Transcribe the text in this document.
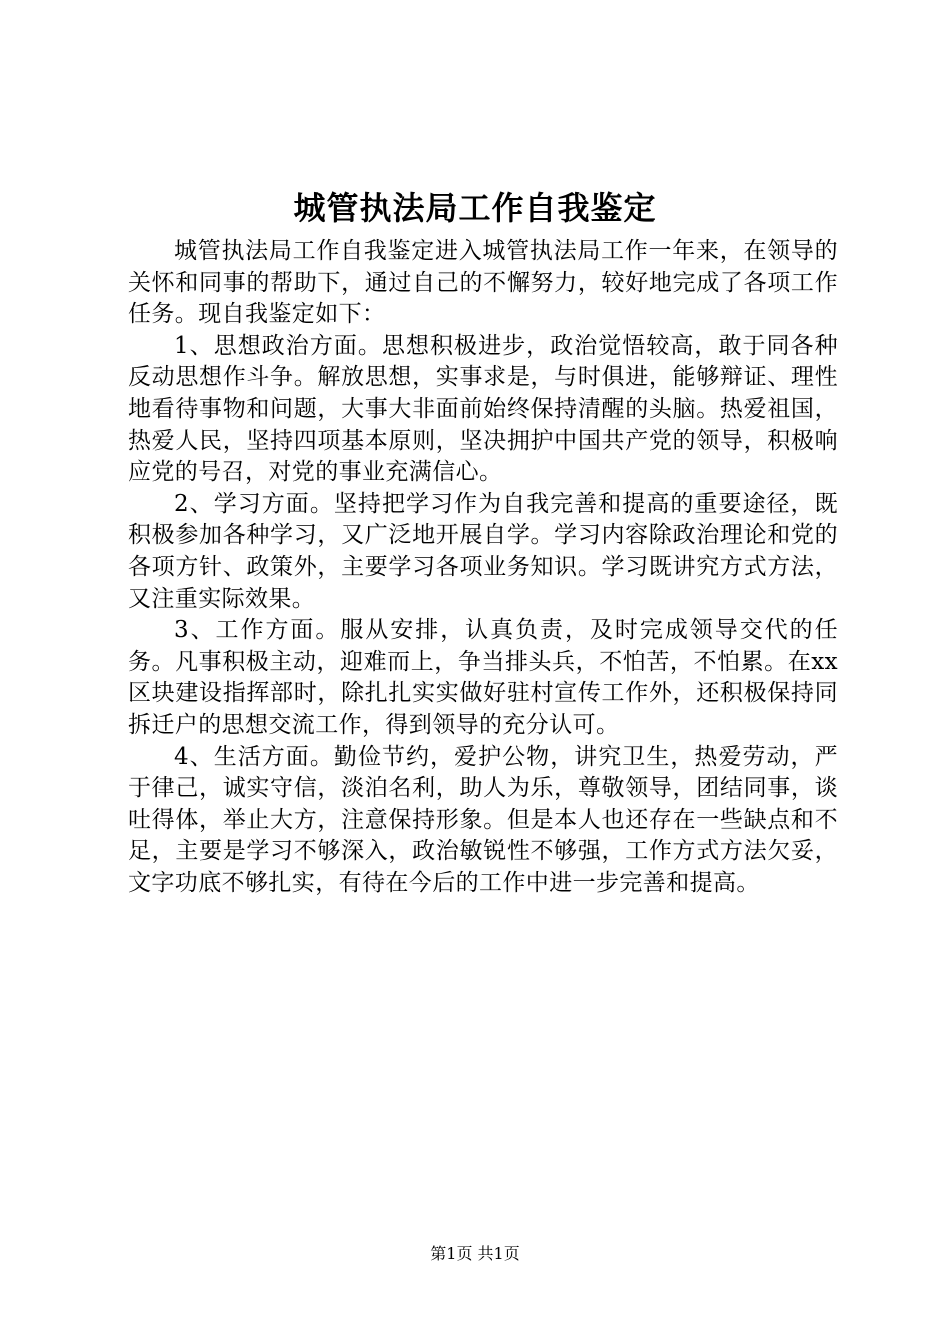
城管执法局工作自我鉴定

城管执法局工作自我鉴定进入城管执法局工作一年来，在领导的关怀和同事的帮助下，通过自己的不懈努力，较好地完成了各项工作任务。现自我鉴定如下：

1、思想政治方面。思想积极进步，政治觉悟较高，敢于同各种反动思想作斗争。解放思想，实事求是，与时俱进，能够辩证、理性地看待事物和问题，大事大非面前始终保持清醒的头脑。热爱祖国，热爱人民，坚持四项基本原则，坚决拥护中国共产党的领导，积极响应党的号召，对党的事业充满信心。

2、学习方面。坚持把学习作为自我完善和提高的重要途径，既积极参加各种学习，又广泛地开展自学。学习内容除政治理论和党的各项方针、政策外，主要学习各项业务知识。学习既讲究方式方法，又注重实际效果。

3、工作方面。服从安排，认真负责，及时完成领导交代的任务。凡事积极主动，迎难而上，争当排头兵，不怕苦，不怕累。在xx区块建设指挥部时，除扎扎实实做好驻村宣传工作外，还积极保持同拆迁户的思想交流工作，得到领导的充分认可。

4、生活方面。勤俭节约，爱护公物，讲究卫生，热爱劳动，严于律己，诚实守信，淡泊名利，助人为乐，尊敬领导，团结同事，谈吐得体，举止大方，注意保持形象。但是本人也还存在一些缺点和不足，主要是学习不够深入，政治敏锐性不够强，工作方式方法欠妥，文字功底不够扎实，有待在今后的工作中进一步完善和提高。

第1页 共1页
